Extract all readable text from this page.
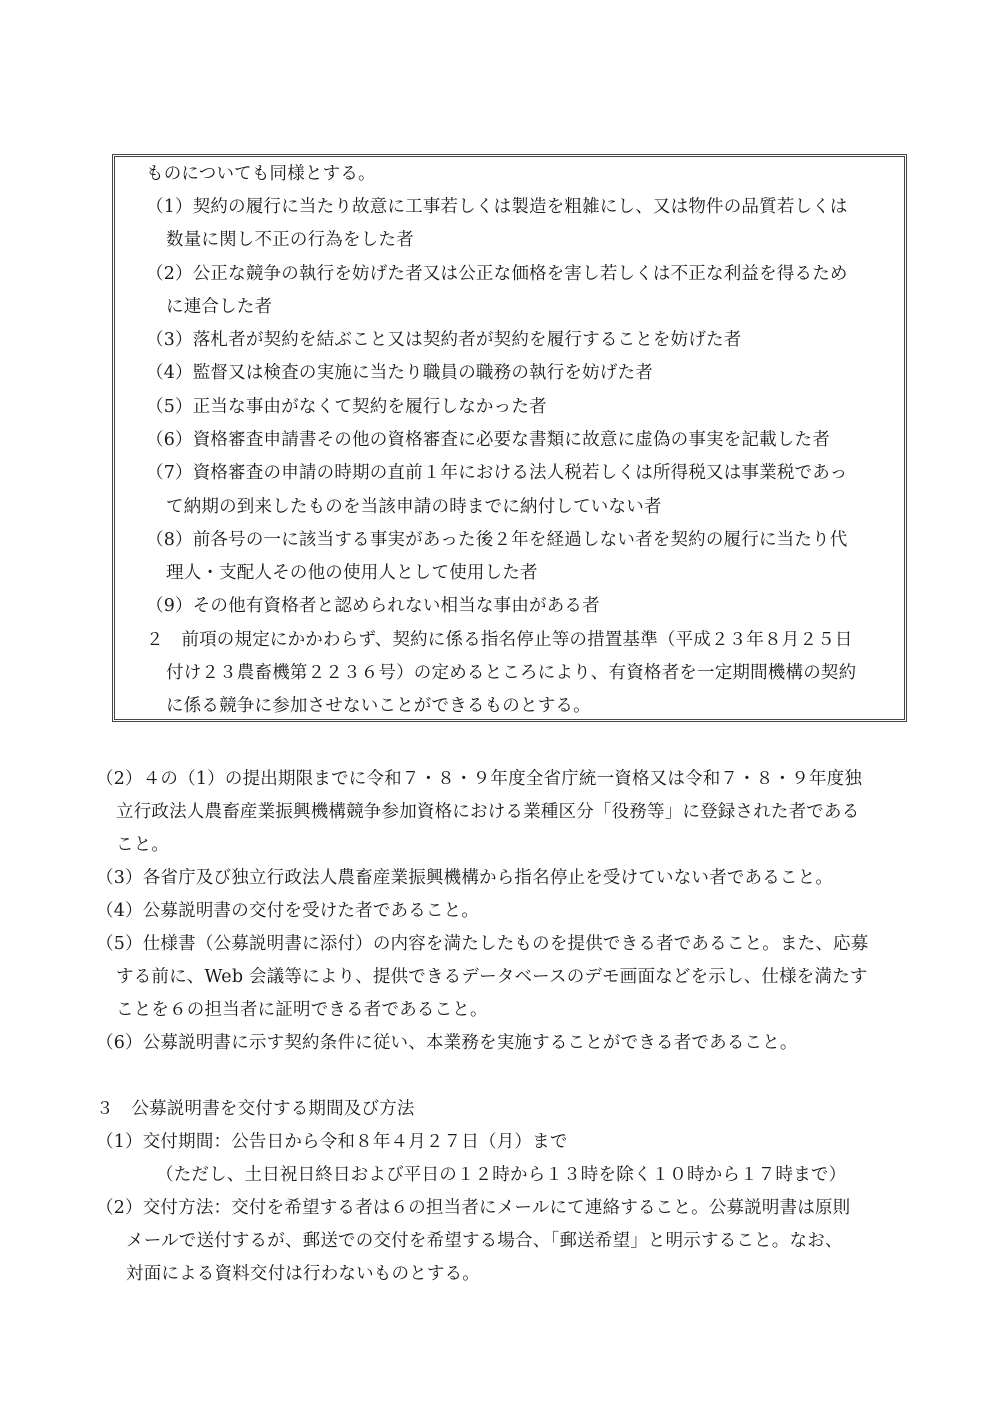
ものについても同様とする。
（1）契約の履行に当たり故意に工事若しくは製造を粗雑にし、又は物件の品質若しくは
数量に関し不正の行為をした者
（2）公正な競争の執行を妨げた者又は公正な価格を害し若しくは不正な利益を得るため
に連合した者
（3）落札者が契約を結ぶこと又は契約者が契約を履行することを妨げた者
（4）監督又は検査の実施に当たり職員の職務の執行を妨げた者
（5）正当な事由がなくて契約を履行しなかった者
（6）資格審査申請書その他の資格審査に必要な書類に故意に虚偽の事実を記載した者
（7）資格審査の申請の時期の直前１年における法人税若しくは所得税又は事業税であっ
て納期の到来したものを当該申請の時までに納付していない者
（8）前各号の一に該当する事実があった後２年を経過しない者を契約の履行に当たり代
理人・支配人その他の使用人として使用した者
（9）その他有資格者と認められない相当な事由がある者
２　前項の規定にかかわらず、契約に係る指名停止等の措置基準（平成２３年８月２５日
付け２３農畜機第２２３６号）の定めるところにより、有資格者を一定期間機構の契約
に係る競争に参加させないことができるものとする。
（2）４の（1）の提出期限までに令和７・８・９年度全省庁統一資格又は令和７・８・９年度独
立行政法人農畜産業振興機構競争参加資格における業種区分「役務等」に登録された者である
こと。
（3）各省庁及び独立行政法人農畜産業振興機構から指名停止を受けていない者であること。
（4）公募説明書の交付を受けた者であること。
（5）仕様書（公募説明書に添付）の内容を満たしたものを提供できる者であること。また、応募
する前に、Web 会議等により、提供できるデータベースのデモ画面などを示し、仕様を満たす
ことを６の担当者に証明できる者であること。
（6）公募説明書に示す契約条件に従い、本業務を実施することができる者であること。
３　公募説明書を交付する期間及び方法
（1）交付期間：公告日から令和８年４月２７日（月）まで
（ただし、土日祝日終日および平日の１２時から１３時を除く１０時から１７時まで）
（2）交付方法：交付を希望する者は６の担当者にメールにて連絡すること。公募説明書は原則
メールで送付するが、郵送での交付を希望する場合、「郵送希望」と明示すること。なお、
対面による資料交付は行わないものとする。
